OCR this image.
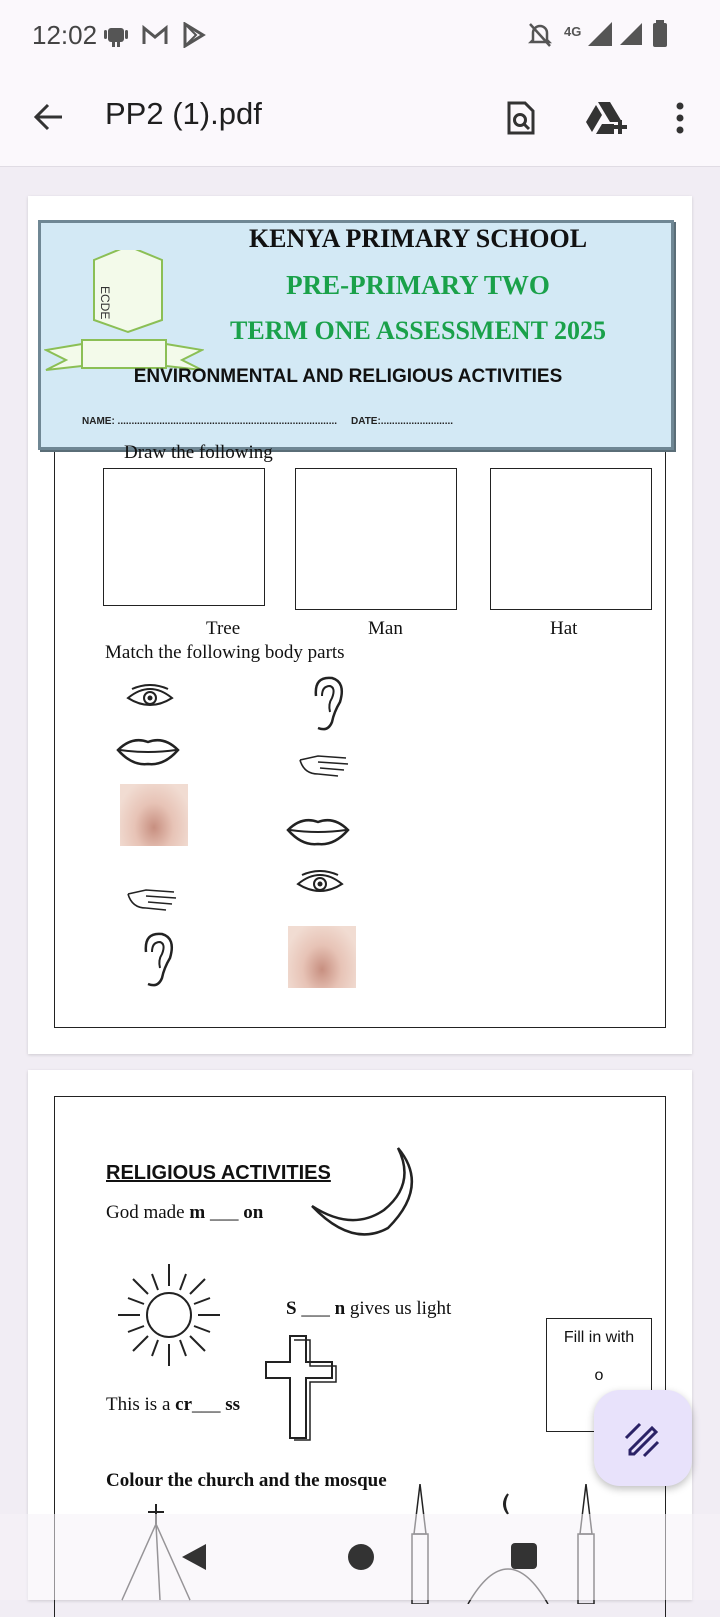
12:02	4G
PP2 (1).pdf
ECDE
KENYA PRIMARY SCHOOL
PRE-PRIMARY TWO
TERM ONE ASSESSMENT 2025
ENVIRONMENTAL AND RELIGIOUS ACTIVITIES
NAME: ............................................................................... DATE:..........................
Draw the following
Tree	Man	Hat
Match the following body parts
RELIGIOUS ACTIVITIES
God made m ___ on
S ___ n gives us light
This is a cr___ ss
Fill in with
o
Colour the church and the mosque
